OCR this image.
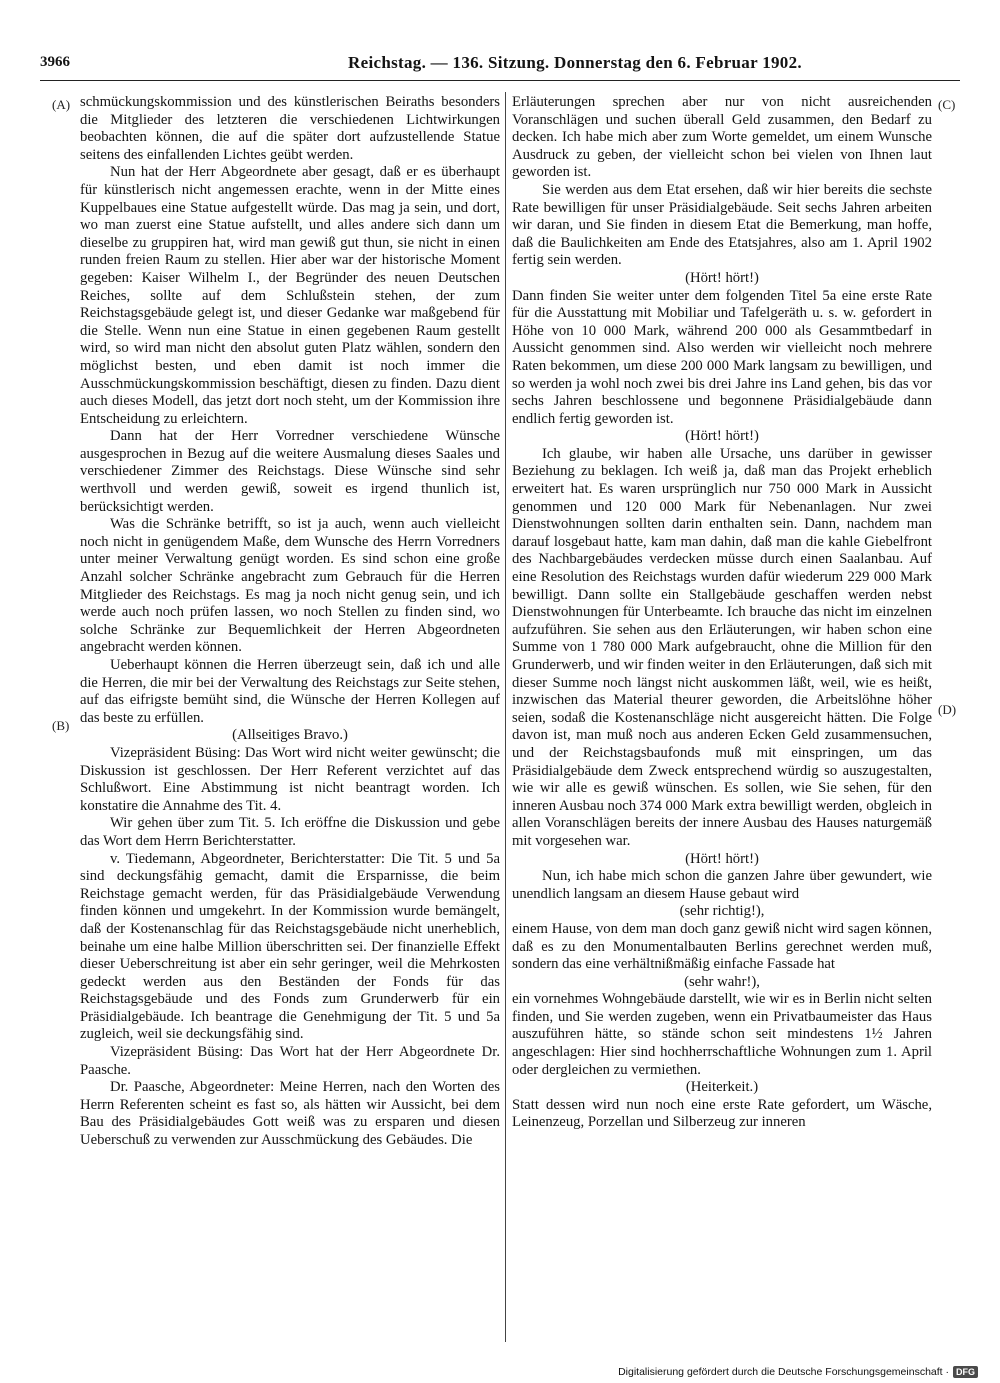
3966	Reichstag. — 136. Sitzung. Donnerstag den 6. Februar 1902.
(A)
(B)
(C)
(D)

schmückungskommission und des künstlerischen Beiraths besonders die Mitglieder des letzteren die verschiedenen Lichtwirkungen beobachten können, die auf die später dort aufzustellende Statue seitens des einfallenden Lichtes geübt werden.

Nun hat der Herr Abgeordnete aber gesagt, daß er es überhaupt für künstlerisch nicht angemessen erachte, wenn in der Mitte eines Kuppelbaues eine Statue aufgestellt würde. Das mag ja sein, und dort, wo man zuerst eine Statue aufstellt, und alles andere sich dann um dieselbe zu gruppiren hat, wird man gewiß gut thun, sie nicht in einen runden freien Raum zu stellen. Hier aber war der historische Moment gegeben: Kaiser Wilhelm I., der Begründer des neuen Deutschen Reiches, sollte auf dem Schlußstein stehen, der zum Reichstagsgebäude gelegt ist, und dieser Gedanke war maßgebend für die Stelle. Wenn nun eine Statue in einen gegebenen Raum gestellt wird, so wird man nicht den absolut guten Platz wählen, sondern den möglichst besten, und eben damit ist noch immer die Ausschmückungskommission beschäftigt, diesen zu finden. Dazu dient auch dieses Modell, das jetzt dort noch steht, um der Kommission ihre Entscheidung zu erleichtern.

Dann hat der Herr Vorredner verschiedene Wünsche ausgesprochen in Bezug auf die weitere Ausmalung dieses Saales und verschiedener Zimmer des Reichstags. Diese Wünsche sind sehr werthvoll und werden gewiß, soweit es irgend thunlich ist, berücksichtigt werden.

Was die Schränke betrifft, so ist ja auch, wenn auch vielleicht noch nicht in genügendem Maße, dem Wunsche des Herrn Vorredners unter meiner Verwaltung genügt worden. Es sind schon eine große Anzahl solcher Schränke angebracht zum Gebrauch für die Herren Mitglieder des Reichstags. Es mag ja noch nicht genug sein, und ich werde auch noch prüfen lassen, wo noch Stellen zu finden sind, wo solche Schränke zur Bequemlichkeit der Herren Abgeordneten angebracht werden können.

Ueberhaupt können die Herren überzeugt sein, daß ich und alle die Herren, die mir bei der Verwaltung des Reichstags zur Seite stehen, auf das eifrigste bemüht sind, die Wünsche der Herren Kollegen auf das beste zu erfüllen.

(Allseitiges Bravo.)

Vizepräsident Büsing: Das Wort wird nicht weiter gewünscht; die Diskussion ist geschlossen. Der Herr Referent verzichtet auf das Schlußwort. Eine Abstimmung ist nicht beantragt worden. Ich konstatire die Annahme des Tit. 4.

Wir gehen über zum Tit. 5. Ich eröffne die Diskussion und gebe das Wort dem Herrn Berichterstatter.

v. Tiedemann, Abgeordneter, Berichterstatter: Die Tit. 5 und 5a sind deckungsfähig gemacht, damit die Ersparnisse, die beim Reichstage gemacht werden, für das Präsidialgebäude Verwendung finden können und umgekehrt. In der Kommission wurde bemängelt, daß der Kostenanschlag für das Reichstagsgebäude nicht unerheblich, beinahe um eine halbe Million überschritten sei. Der finanzielle Effekt dieser Ueberschreitung ist aber ein sehr geringer, weil die Mehrkosten gedeckt werden aus den Beständen der Fonds für das Reichstagsgebäude und des Fonds zum Grunderwerb für ein Präsidialgebäude. Ich beantrage die Genehmigung der Tit. 5 und 5a zugleich, weil sie deckungsfähig sind.

Vizepräsident Büsing: Das Wort hat der Herr Abgeordnete Dr. Paasche.

Dr. Paasche, Abgeordneter: Meine Herren, nach den Worten des Herrn Referenten scheint es fast so, als hätten wir Aussicht, bei dem Bau des Präsidialgebäudes Gott weiß was zu ersparen und diesen Ueberschuß zu verwenden zur Ausschmückung des Gebäudes. Die

Erläuterungen sprechen aber nur von nicht ausreichenden Voranschlägen und suchen überall Geld zusammen, den Bedarf zu decken. Ich habe mich aber zum Worte gemeldet, um einem Wunsche Ausdruck zu geben, der vielleicht schon bei vielen von Ihnen laut geworden ist.

Sie werden aus dem Etat ersehen, daß wir hier bereits die sechste Rate bewilligen für unser Präsidialgebäude. Seit sechs Jahren arbeiten wir daran, und Sie finden in diesem Etat die Bemerkung, man hoffe, daß die Baulichkeiten am Ende des Etatsjahres, also am 1. April 1902 fertig sein werden.

(Hört! hört!)

Dann finden Sie weiter unter dem folgenden Titel 5a eine erste Rate für die Ausstattung mit Mobiliar und Tafelgeräth u. s. w. gefordert in Höhe von 10 000 Mark, während 200 000 als Gesammtbedarf in Aussicht genommen sind. Also werden wir vielleicht noch mehrere Raten bekommen, um diese 200 000 Mark langsam zu bewilligen, und so werden ja wohl noch zwei bis drei Jahre ins Land gehen, bis das vor sechs Jahren beschlossene und begonnene Präsidialgebäude dann endlich fertig geworden ist.

(Hört! hört!)

Ich glaube, wir haben alle Ursache, uns darüber in gewisser Beziehung zu beklagen. Ich weiß ja, daß man das Projekt erheblich erweitert hat. Es waren ursprünglich nur 750 000 Mark in Aussicht genommen und 120 000 Mark für Nebenanlagen. Nur zwei Dienstwohnungen sollten darin enthalten sein. Dann, nachdem man darauf losgebaut hatte, kam man dahin, daß man die kahle Giebelfront des Nachbargebäudes verdecken müsse durch einen Saalanbau. Auf eine Resolution des Reichstags wurden dafür wiederum 229 000 Mark bewilligt. Dann sollte ein Stallgebäude geschaffen werden nebst Dienstwohnungen für Unterbeamte. Ich brauche das nicht im einzelnen aufzuführen. Sie sehen aus den Erläuterungen, wir haben schon eine Summe von 1 780 000 Mark aufgebraucht, ohne die Million für den Grunderwerb, und wir finden weiter in den Erläuterungen, daß sich mit dieser Summe noch längst nicht auskommen läßt, weil, wie es heißt, inzwischen das Material theurer geworden, die Arbeitslöhne höher seien, sodaß die Kostenanschläge nicht ausgereicht hätten. Die Folge davon ist, man muß noch aus anderen Ecken Geld zusammensuchen, und der Reichstagsbaufonds muß mit einspringen, um das Präsidialgebäude dem Zweck entsprechend würdig so auszugestalten, wie wir alle es gewiß wünschen. Es sollen, wie Sie sehen, für den inneren Ausbau noch 374 000 Mark extra bewilligt werden, obgleich in allen Voranschlägen bereits der innere Ausbau des Hauses naturgemäß mit vorgesehen war.

(Hört! hört!)

Nun, ich habe mich schon die ganzen Jahre über gewundert, wie unendlich langsam an diesem Hause gebaut wird

(sehr richtig!),

einem Hause, von dem man doch ganz gewiß nicht wird sagen können, daß es zu den Monumentalbauten Berlins gerechnet werden muß, sondern das eine verhältnißmäßig einfache Fassade hat

(sehr wahr!),

ein vornehmes Wohngebäude darstellt, wie wir es in Berlin nicht selten finden, und Sie werden zugeben, wenn ein Privatbaumeister das Haus auszuführen hätte, so stände schon seit mindestens 1½ Jahren angeschlagen: Hier sind hochherrschaftliche Wohnungen zum 1. April oder dergleichen zu vermiethen.

(Heiterkeit.)

Statt dessen wird nun noch eine erste Rate gefordert, um Wäsche, Leinenzeug, Porzellan und Silberzeug zur inneren

Digitalisierung gefördert durch die Deutsche Forschungsgemeinschaft · DFG
